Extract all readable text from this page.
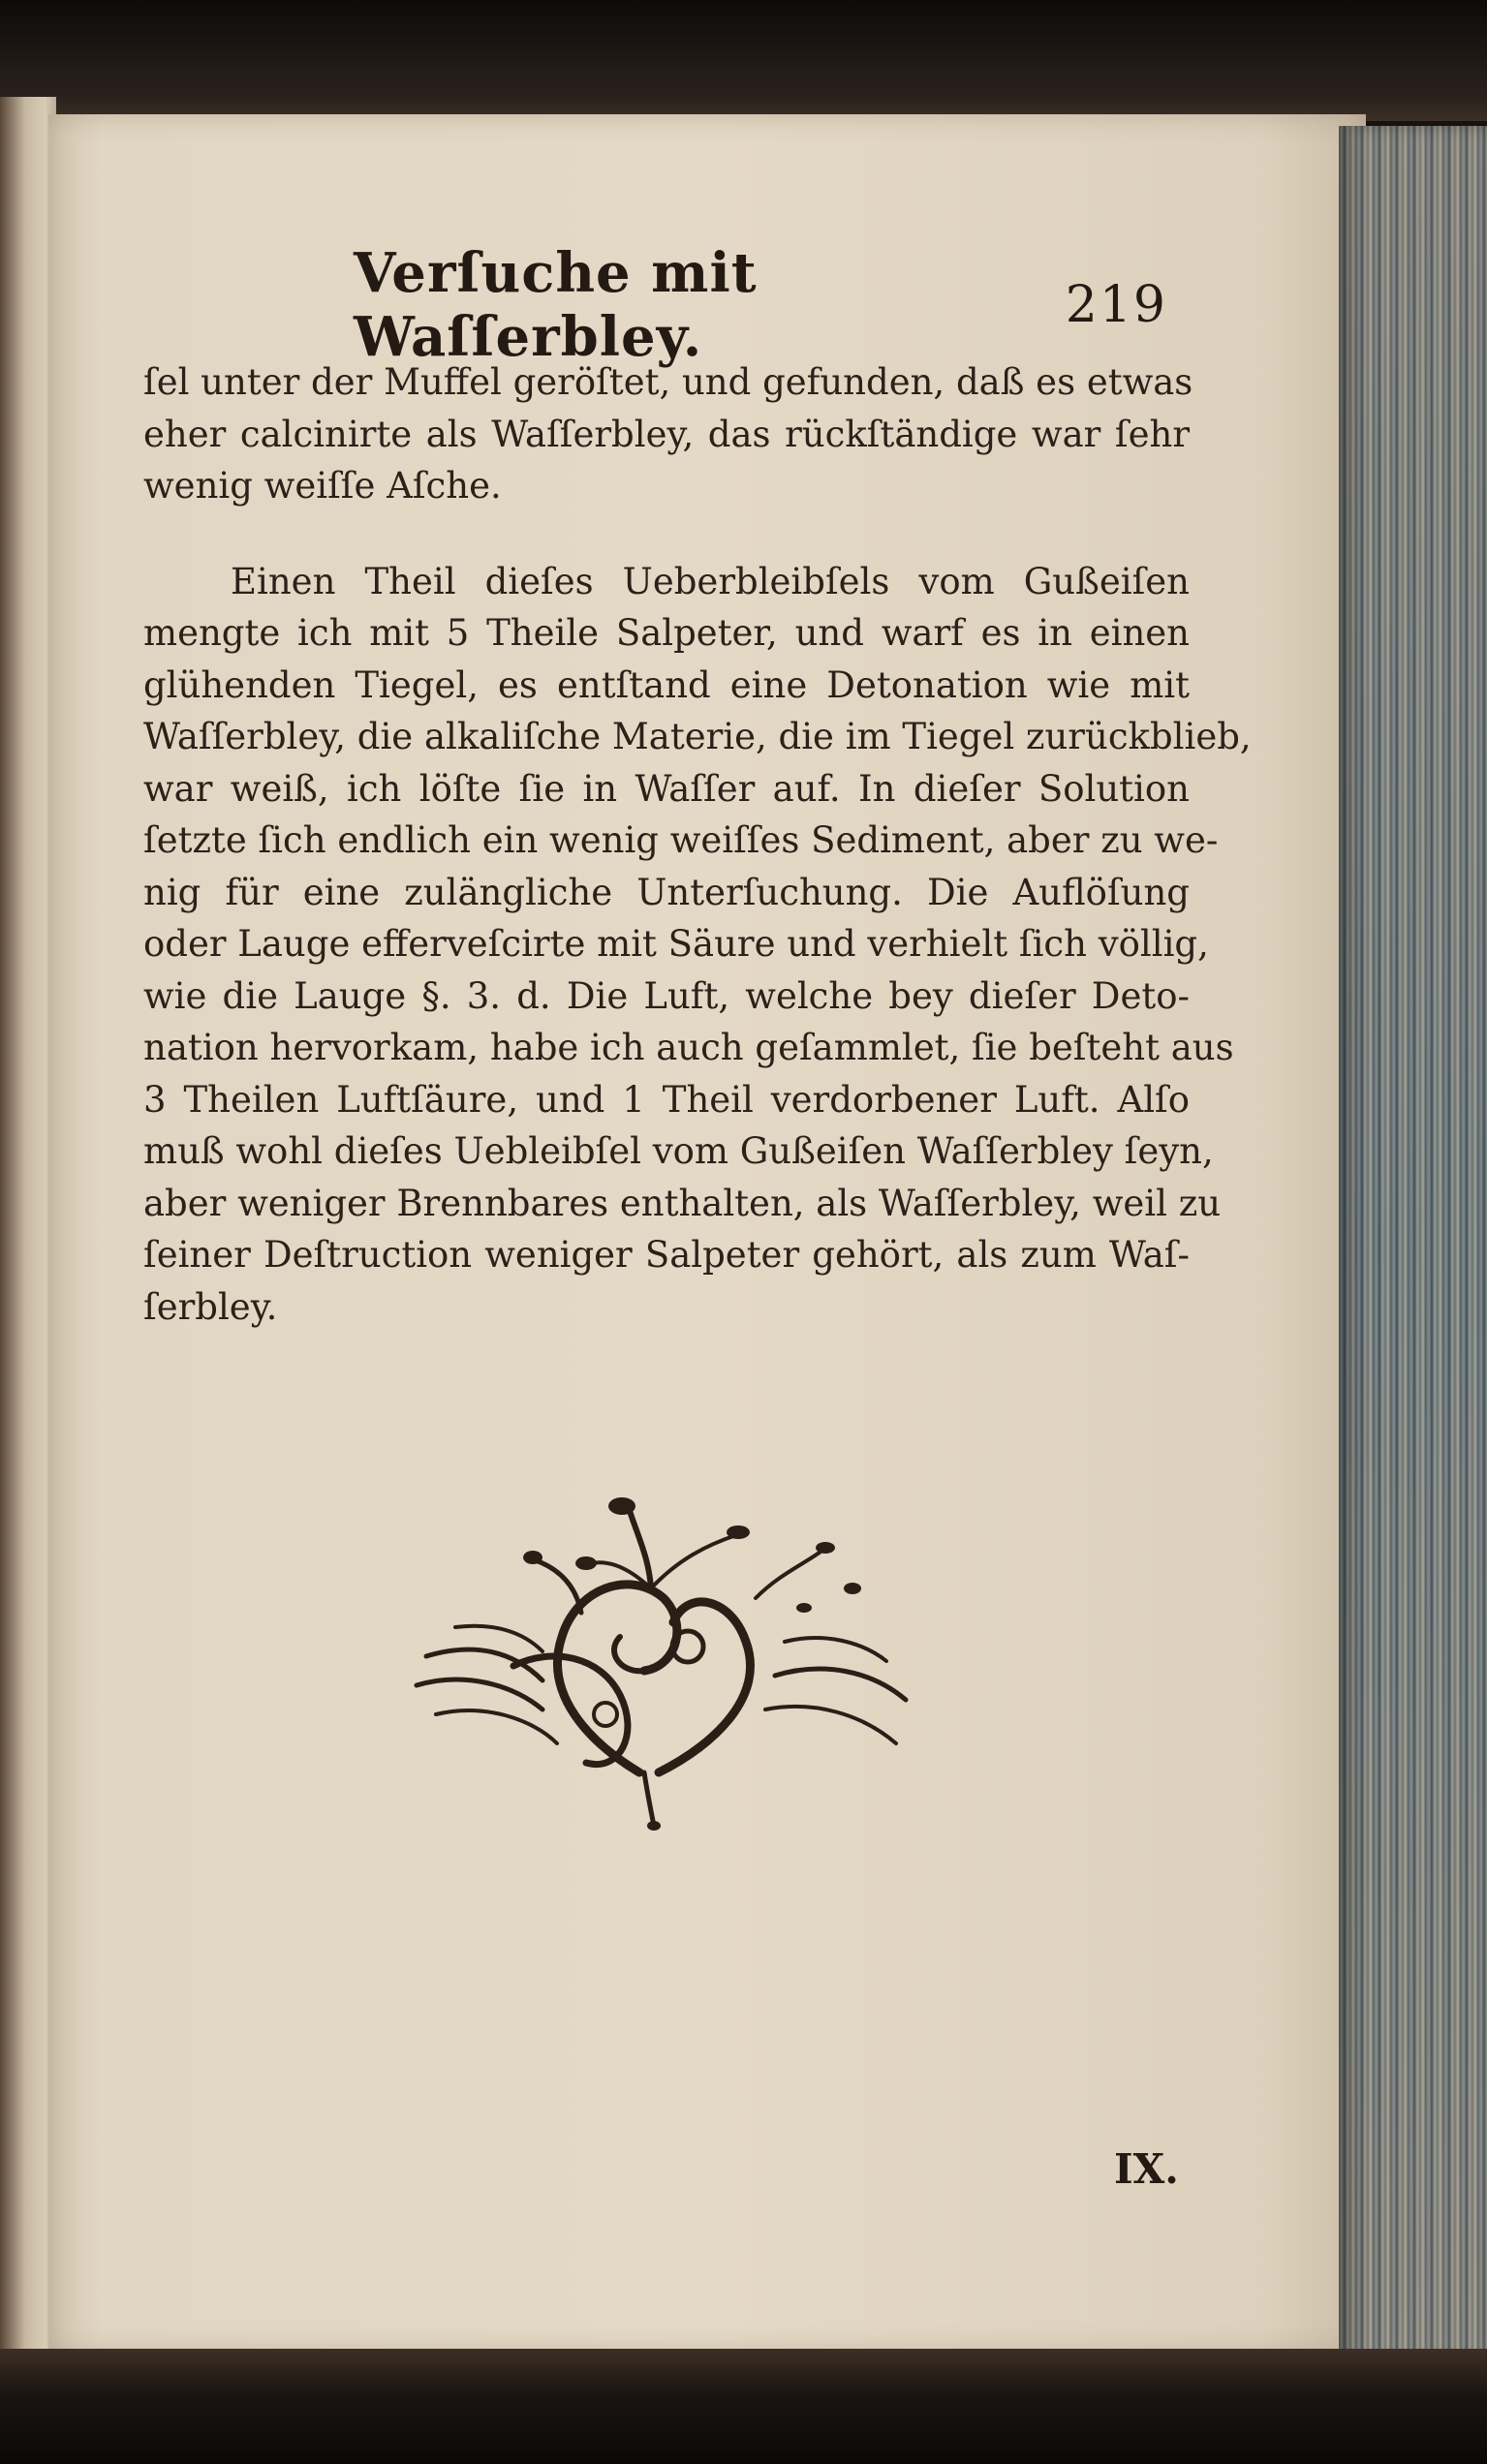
Verſuche mit Waſſerbley.	219
ſel unter der Muffel geröſtet, und gefunden, daß es etwas
eher calcinirte als Waſſerbley, das rückſtändige war ſehr
wenig weiſſe Aſche.
Einen Theil dieſes Ueberbleibſels vom Gußeiſen
mengte ich mit 5 Theile Salpeter, und warf es in einen
glühenden Tiegel, es entſtand eine Detonation wie mit
Waſſerbley, die alkaliſche Materie, die im Tiegel zurückblieb,
war weiß, ich löſte ſie in Waſſer auf. In dieſer Solution
ſetzte ſich endlich ein wenig weiſſes Sediment, aber zu we-
nig für eine zulängliche Unterſuchung. Die Auflöſung
oder Lauge efferveſcirte mit Säure und verhielt ſich völlig,
wie die Lauge §. 3. d. Die Luft, welche bey dieſer Deto-
nation hervorkam, habe ich auch geſammlet, ſie beſteht aus
3 Theilen Luftſäure, und 1 Theil verdorbener Luft. Alſo
muß wohl dieſes Uebleibſel vom Gußeiſen Waſſerbley ſeyn,
aber weniger Brennbares enthalten, als Waſſerbley, weil zu
ſeiner Deſtruction weniger Salpeter gehört, als zum Waſ-
ſerbley.
IX.
